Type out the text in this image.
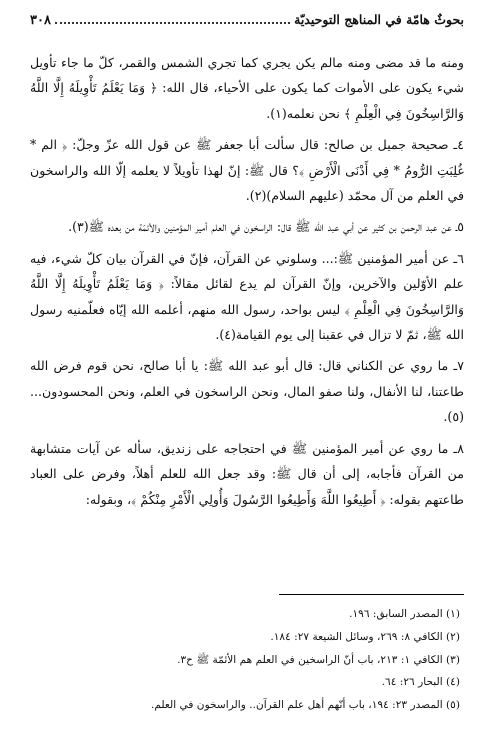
بحوثٌ هامّة في المناهج التوحيديّة
٣٠٨

ومنه ما قد مضى ومنه مالم يكن يجري كما تجري الشمس والقمر، كلّ ما جاء تأويل شيء يكون على الأموات كما يكون على الأحياء، قال الله: ﴿ وَمَا يَعْلَمُ تَأْوِيلَهُ إِلَّا اللَّهُ وَالرَّاسِخُونَ فِي الْعِلْمِ ﴾ نحن نعلمه(١).

٤ـ صحيحة جميل بن صالح: قال سألت أبا جعفر ﷺ عن قول الله عزّ وجلّ: ﴿ الم * غُلِبَتِ الرُّومُ * فِي أَدْنَى الْأَرْضِ ﴾؟ قال ﷺ: إنّ لهذا تأويلاً لا يعلمه إلّا الله والراسخون في العلم من آل محمّد (عليهم السلام)(٢).

٥ـ عن عبد الرحمن بن كثير عن أبي عبد الله ﷺ قال: الراسخون في العلم أمير المؤمنين والأئمّة من بعده ﷺ(٣).

٦ـ عن أمير المؤمنين ﷺ:... وسلوني عن القرآن، فإنّ في القرآن بيان كلّ شيء، فيه علم الأوّلين والآخرين، وإنّ القرآن لم يدع لقائل مقالاً: ﴿ وَمَا يَعْلَمُ تَأْوِيلَهُ إِلَّا اللَّهُ وَالرَّاسِخُونَ فِي الْعِلْمِ ﴾ ليس بواحد، رسول الله منهم، أعلمه الله إيّاه فعلّمنيه رسول الله ﷺ، ثمّ لا تزال في عقبنا إلى يوم القيامة(٤).

٧ـ ما روي عن الكناني قال: قال أبو عبد الله ﷺ: يا أبا صالح، نحن قوم فرض الله طاعتنا، لنا الأنفال، ولنا صفو المال، ونحن الراسخون في العلم، ونحن المحسودون...(٥).

٨ـ ما روي عن أمير المؤمنين ﷺ في احتجاجه على زنديق، سأله عن آيات متشابهة من القرآن فأجابه، إلى أن قال ﷺ: وقد جعل الله للعلم أهلاً، وفرض على العباد طاعتهم بقوله: ﴿ أَطِيعُوا اللَّهَ وَأَطِيعُوا الرَّسُولَ وَأُولِي الْأَمْرِ مِنْكُمْ ﴾، وبقوله:

(١) المصدر السابق: ١٩٦.
(٢) الكافي ٨: ٢٦٩، وسائل الشيعة ٢٧: ١٨٤.
(٣) الكافي ١: ٢١٣، باب أنّ الراسخين في العلم هم الأئمّة ﷺ ح٣.
(٤) البحار ٢٦: ٦٤.
(٥) المصدر ٢٣: ١٩٤، باب أنّهم أهل علم القرآن.. والراسخون في العلم.
